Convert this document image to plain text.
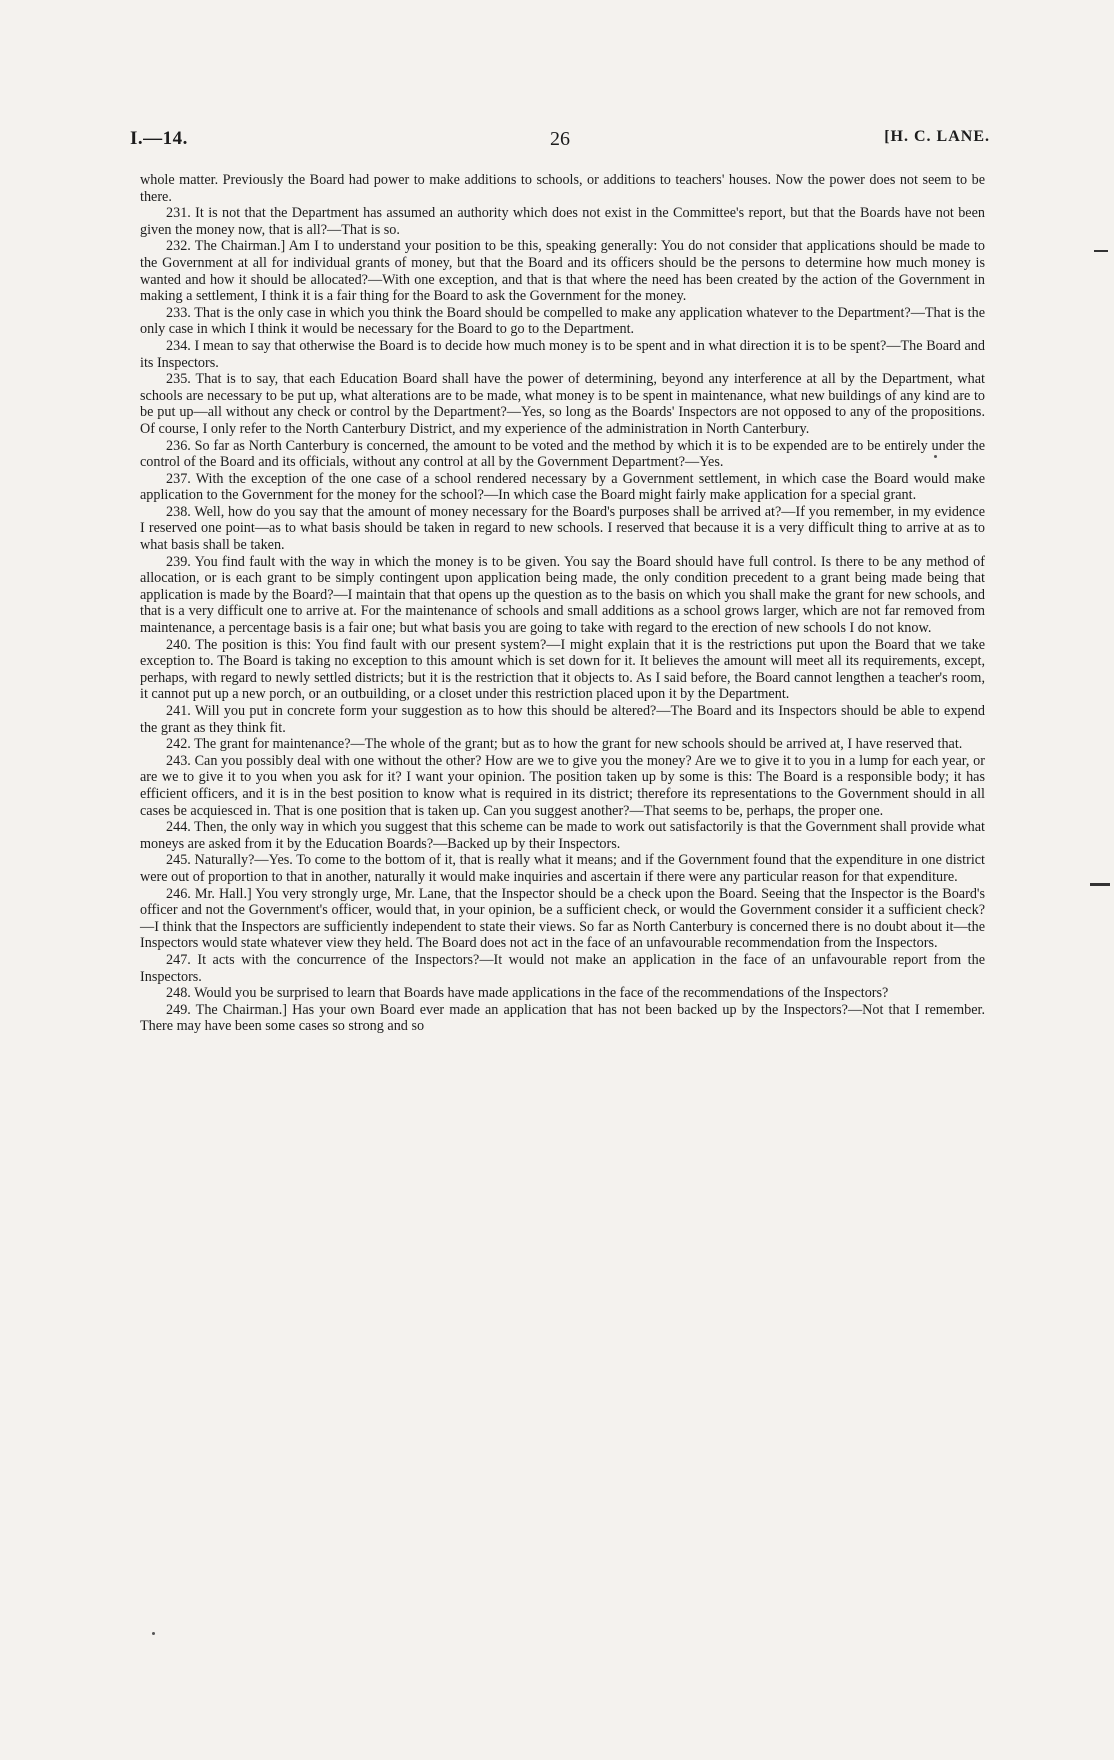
I.—14.	26	[H. C. LANE.

whole matter. Previously the Board had power to make additions to schools, or additions to teachers' houses. Now the power does not seem to be there.

231. It is not that the Department has assumed an authority which does not exist in the Committee's report, but that the Boards have not been given the money now, that is all?—That is so.

232. The Chairman.] Am I to understand your position to be this, speaking generally: You do not consider that applications should be made to the Government at all for individual grants of money, but that the Board and its officers should be the persons to determine how much money is wanted and how it should be allocated?—With one exception, and that is that where the need has been created by the action of the Government in making a settlement, I think it is a fair thing for the Board to ask the Government for the money.

233. That is the only case in which you think the Board should be compelled to make any application whatever to the Department?—That is the only case in which I think it would be necessary for the Board to go to the Department.

234. I mean to say that otherwise the Board is to decide how much money is to be spent and in what direction it is to be spent?—The Board and its Inspectors.

235. That is to say, that each Education Board shall have the power of determining, beyond any interference at all by the Department, what schools are necessary to be put up, what alterations are to be made, what money is to be spent in maintenance, what new buildings of any kind are to be put up—all without any check or control by the Department?—Yes, so long as the Boards' Inspectors are not opposed to any of the propositions. Of course, I only refer to the North Canterbury District, and my experience of the administration in North Canterbury.

236. So far as North Canterbury is concerned, the amount to be voted and the method by which it is to be expended are to be entirely under the control of the Board and its officials, without any control at all by the Government Department?—Yes.

237. With the exception of the one case of a school rendered necessary by a Government settlement, in which case the Board would make application to the Government for the money for the school?—In which case the Board might fairly make application for a special grant.

238. Well, how do you say that the amount of money necessary for the Board's purposes shall be arrived at?—If you remember, in my evidence I reserved one point—as to what basis should be taken in regard to new schools. I reserved that because it is a very difficult thing to arrive at as to what basis shall be taken.

239. You find fault with the way in which the money is to be given. You say the Board should have full control. Is there to be any method of allocation, or is each grant to be simply contingent upon application being made, the only condition precedent to a grant being made being that application is made by the Board?—I maintain that that opens up the question as to the basis on which you shall make the grant for new schools, and that is a very difficult one to arrive at. For the maintenance of schools and small additions as a school grows larger, which are not far removed from maintenance, a percentage basis is a fair one; but what basis you are going to take with regard to the erection of new schools I do not know.

240. The position is this: You find fault with our present system?—I might explain that it is the restrictions put upon the Board that we take exception to. The Board is taking no exception to this amount which is set down for it. It believes the amount will meet all its requirements, except, perhaps, with regard to newly settled districts; but it is the restriction that it objects to. As I said before, the Board cannot lengthen a teacher's room, it cannot put up a new porch, or an outbuilding, or a closet under this restriction placed upon it by the Department.

241. Will you put in concrete form your suggestion as to how this should be altered?—The Board and its Inspectors should be able to expend the grant as they think fit.

242. The grant for maintenance?—The whole of the grant; but as to how the grant for new schools should be arrived at, I have reserved that.

243. Can you possibly deal with one without the other? How are we to give you the money? Are we to give it to you in a lump for each year, or are we to give it to you when you ask for it? I want your opinion. The position taken up by some is this: The Board is a responsible body; it has efficient officers, and it is in the best position to know what is required in its district; therefore its representations to the Government should in all cases be acquiesced in. That is one position that is taken up. Can you suggest another?—That seems to be, perhaps, the proper one.

244. Then, the only way in which you suggest that this scheme can be made to work out satisfactorily is that the Government shall provide what moneys are asked from it by the Education Boards?—Backed up by their Inspectors.

245. Naturally?—Yes. To come to the bottom of it, that is really what it means; and if the Government found that the expenditure in one district were out of proportion to that in another, naturally it would make inquiries and ascertain if there were any particular reason for that expenditure.

246. Mr. Hall.] You very strongly urge, Mr. Lane, that the Inspector should be a check upon the Board. Seeing that the Inspector is the Board's officer and not the Government's officer, would that, in your opinion, be a sufficient check, or would the Government consider it a sufficient check?—I think that the Inspectors are sufficiently independent to state their views. So far as North Canterbury is concerned there is no doubt about it—the Inspectors would state whatever view they held. The Board does not act in the face of an unfavourable recommendation from the Inspectors.

247. It acts with the concurrence of the Inspectors?—It would not make an application in the face of an unfavourable report from the Inspectors.

248. Would you be surprised to learn that Boards have made applications in the face of the recommendations of the Inspectors?

249. The Chairman.] Has your own Board ever made an application that has not been backed up by the Inspectors?—Not that I remember. There may have been some cases so strong and so
